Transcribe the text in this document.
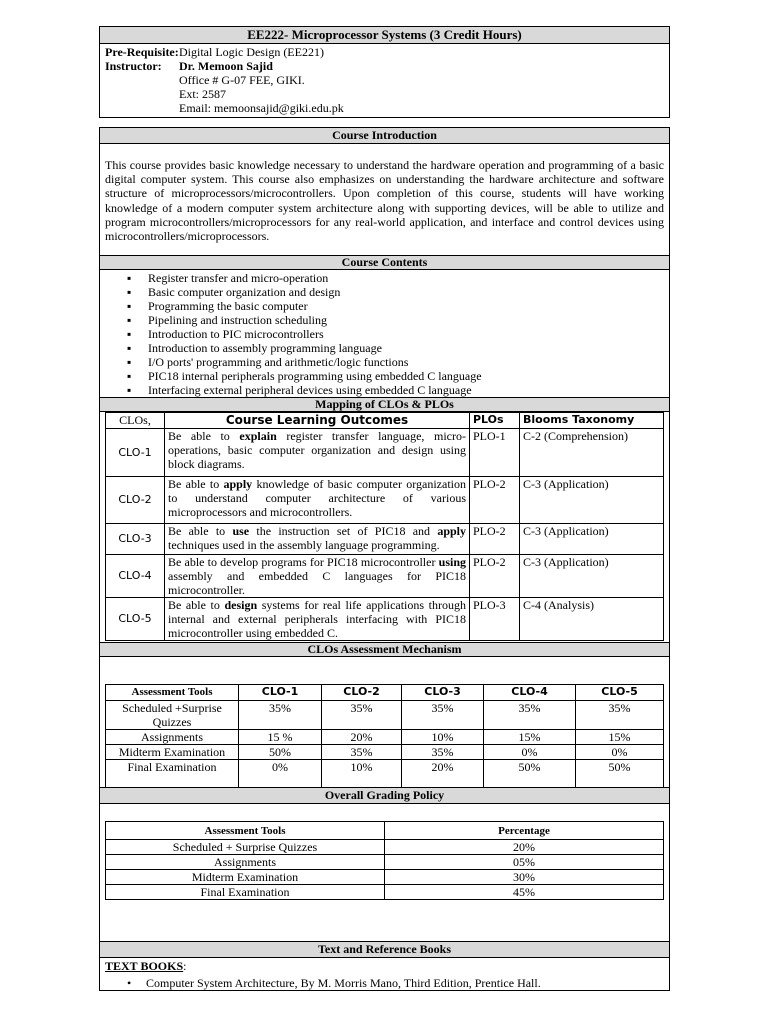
EE222- Microprocessor Systems (3 Credit Hours)
Pre-Requisite: Digital Logic Design (EE221)
Instructor: Dr. Memoon Sajid
Office # G-07 FEE, GIKI.
Ext: 2587
Email: memoonsajid@giki.edu.pk
Course Introduction
This course provides basic knowledge necessary to understand the hardware operation and programming of a basic digital computer system. This course also emphasizes on understanding the hardware architecture and software structure of microprocessors/microcontrollers. Upon completion of this course, students will have working knowledge of a modern computer system architecture along with supporting devices, will be able to utilize and program microcontrollers/microprocessors for any real-world application, and interface and control devices using microcontrollers/microprocessors.
Course Contents
▪ Register transfer and micro-operation
▪ Basic computer organization and design
▪ Programming the basic computer
▪ Pipelining and instruction scheduling
▪ Introduction to PIC microcontrollers
▪ Introduction to assembly programming language
▪ I/O ports' programming and arithmetic/logic functions
▪ PIC18 internal peripherals programming using embedded C language
▪ Interfacing external peripheral devices using embedded C language
Mapping of CLOs & PLOs
CLOs,	Course Learning Outcomes	PLOs	Blooms Taxonomy
CLO-1	Be able to explain register transfer language, micro-operations, basic computer organization and design using block diagrams.	PLO-1	C-2 (Comprehension)
CLO-2	Be able to apply knowledge of basic computer organization to understand computer architecture of various microprocessors and microcontrollers.	PLO-2	C-3 (Application)
CLO-3	Be able to use the instruction set of PIC18 and apply techniques used in the assembly language programming.	PLO-2	C-3 (Application)
CLO-4	Be able to develop programs for PIC18 microcontroller using assembly and embedded C languages for PIC18 microcontroller.	PLO-2	C-3 (Application)
CLO-5	Be able to design systems for real life applications through internal and external peripherals interfacing with PIC18 microcontroller using embedded C.	PLO-3	C-4 (Analysis)
CLOs Assessment Mechanism
Assessment Tools	CLO-1	CLO-2	CLO-3	CLO-4	CLO-5
Scheduled +Surprise Quizzes	35%	35%	35%	35%	35%
Assignments	15 %	20%	10%	15%	15%
Midterm Examination	50%	35%	35%	0%	0%
Final Examination	0%	10%	20%	50%	50%
Overall Grading Policy
Assessment Tools	Percentage
Scheduled + Surprise Quizzes	20%
Assignments	05%
Midterm Examination	30%
Final Examination	45%
Text and Reference Books
TEXT BOOKS:
• Computer System Architecture, By M. Morris Mano, Third Edition, Prentice Hall.
